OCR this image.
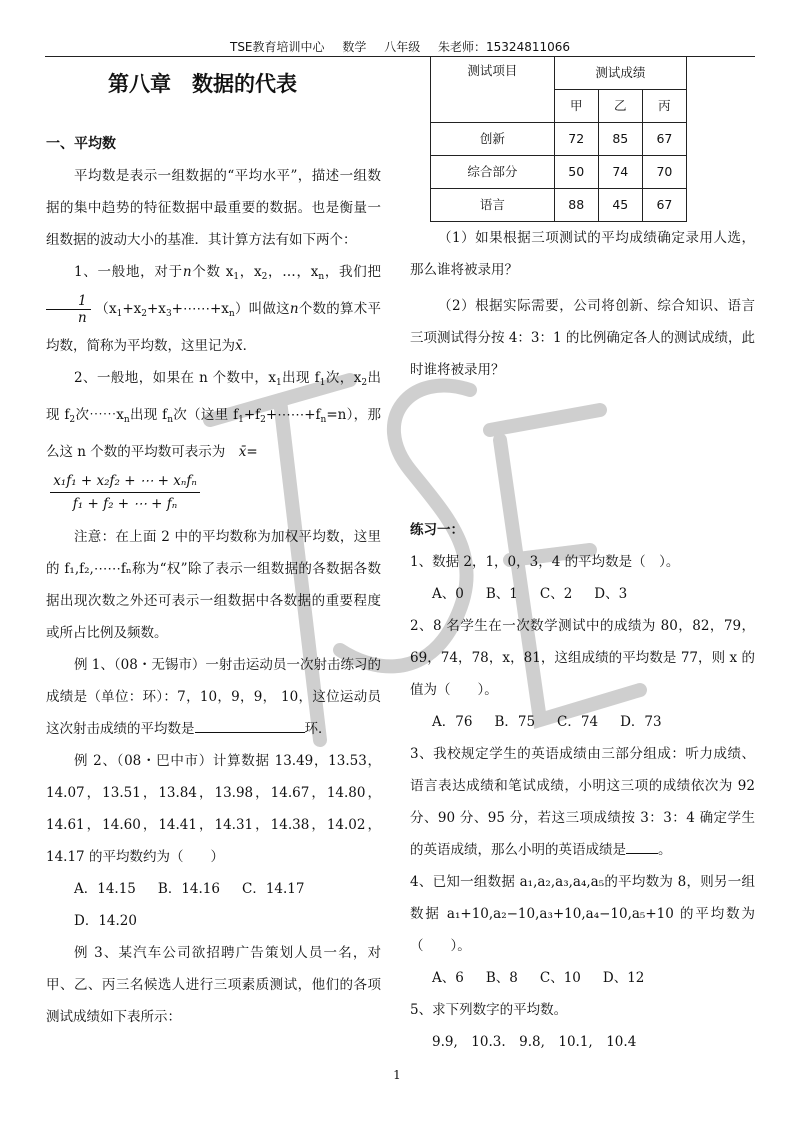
TSE教育培训中心 数学 八年级 朱老师：15324811066
第八章　数据的代表
一、平均数

平均数是表示一组数据的“平均水平”，描述一组数据的集中趋势的特征数据中最重要的数据。也是衡量一组数据的波动大小的基准．其计算方法有如下两个：

1、一般地，对于n个数 $x_1$，$x_2$，…，$x_n$，我们把
$\frac{1}{n}$ $(x_1+x_2+x_3+\cdots\cdots+x_n)$叫做这n个数的算术平均数，简称为平均数，这里记为x̄．

2、一般地，如果在 n 个数中，$x_1$出现 $f_1$次，$x_2$出现 $f_2$次$\cdots\cdots x_n$出现 $f_n$次（这里 $f_1+f_2+\cdots\cdots+f_n=n$），那么这 n 个数的平均数可表示为　 x̄=

x₁f₁ + x₂f₂ + ⋯ + xₙfₙ
f₁ + f₂ + ⋯ + fₙ

注意：在上面 2 中的平均数称为加权平均数，这里的 f₁,f₂,⋯⋯fₙ称为“权”除了表示一组数据的各数据各数据出现次数之外还可表示一组数据中各数据的重要程度或所占比例及频数。

例 1、（08・无锡市）一射击运动员一次射击练习的成绩是（单位：环）：7，10，9，9， 10，这位运动员这次射击成绩的平均数是	环．

例 2、（08・巴中市）计算数据 13.49，13.53，14.07，13.51，13.84，13.98，14.67，14.80，14.61，14.60，14.41，14.31，14.38，14.02，14.17 的平均数约为（　　）

A．14.15 B．14.16 C．14.17D．14.20

例 3、某汽车公司欲招聘广告策划人员一名，对甲、乙、丙三名候选人进行三项素质测试，他们的各项测试成绩如下表所示：

测试项目	测试成绩		
	甲	乙	丙
创新	72	85	67
综合部分	50	74	70
语言	88	45	67

（1）如果根据三项测试的平均成绩确定录用人选，那么谁将被录用？

（2）根据实际需要，公司将创新、综合知识、语言三项测试得分按 4：3：1 的比例确定各人的测试成绩，此时谁将被录用？

练习一：

1、数据 2，1，0，3，4 的平均数是（　）。

A、0 B、1 C、2 D、3

2、8 名学生在一次数学测试中的成绩为 80，82，79，69，74，78，x，81，这组成绩的平均数是 77，则 x 的值为（　　）。

A．76 B．75 C．74 D．73

3、我校规定学生的英语成绩由三部分组成：听力成绩、语言表达成绩和笔试成绩，小明这三项的成绩依次为 92 分、90 分、95 分，若这三项成绩按 3：3：4 确定学生的英语成绩，那么小明的英语成绩是 。

4、已知一组数据 a₁,a₂,a₃,a₄,a₅的平均数为 8，则另一组数据 a₁+10,a₂−10,a₃+10,a₄−10,a₅+10 的平均数为（　　）。

A、6 B、8 C、10 D、12

5、求下列数字的平均数。

9.9,　10.3.　9.8,　10.1,　10.4

1
